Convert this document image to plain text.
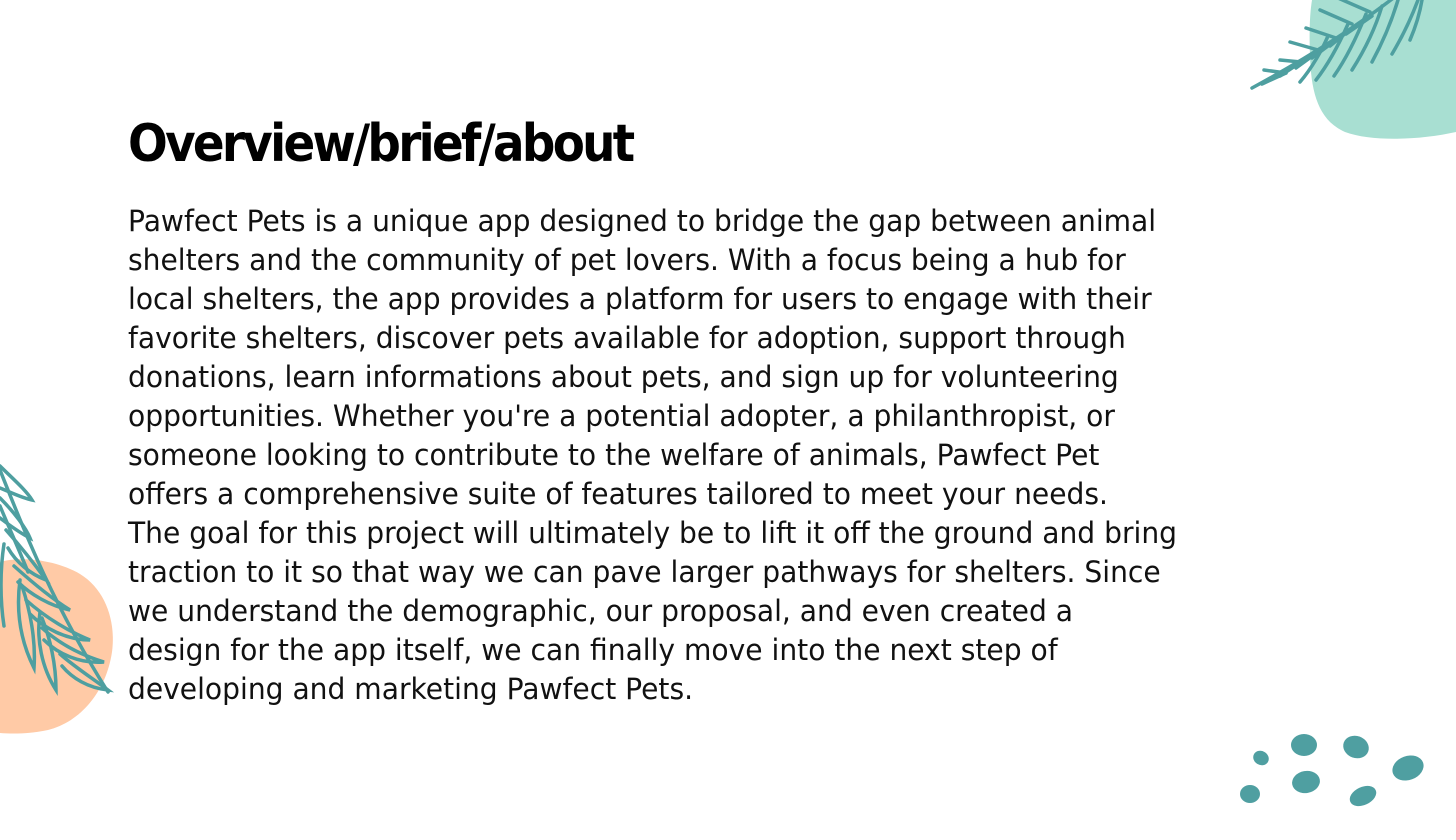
Overview/brief/about
Pawfect Pets is a unique app designed to bridge the gap between animal
shelters and the community of pet lovers. With a focus being a hub for
local shelters, the app provides a platform for users to engage with their
favorite shelters, discover pets available for adoption, support through
donations, learn informations about pets, and sign up for volunteering
opportunities. Whether you're a potential adopter, a philanthropist, or
someone looking to contribute to the welfare of animals, Pawfect Pet
offers a comprehensive suite of features tailored to meet your needs.
The goal for this project will ultimately be to lift it off the ground and bring
traction to it so that way we can pave larger pathways for shelters. Since
we understand the demographic, our proposal, and even created a
design for the app itself, we can finally move into the next step of
developing and marketing Pawfect Pets.
